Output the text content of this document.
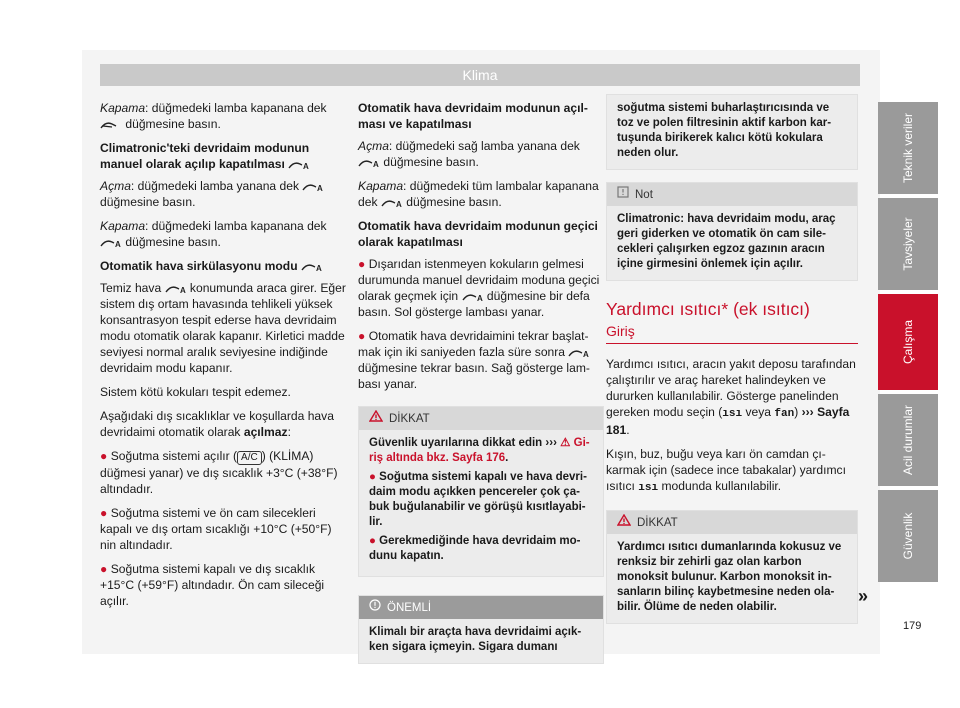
Klima
Teknik veriler
Tavsiyeler
Çalışma
Acil durumlar
Güvenlik

Kapama: düğmedeki lamba kapanana dek
düğmesine basın.

Climatronic'teki devridaim modunun manuel olarak açılıp kapatılması A

Açma: düğmedeki lamba yanana dek A
düğmesine basın.

Kapama: düğmedeki lamba kapanana dek
A düğmesine basın.

Otomatik hava sirkülasyonu modu A

Temiz hava A konumunda araca girer. Eğer sistem dış ortam havasında tehlikeli yüksek konsantrasyon tespit ederse hava devridaim modu otomatik olarak kapanır. Kirletici madde seviyesi normal aralık seviyesine indiğinde devridaim modu kapanır.

Sistem kötü kokuları tespit edemez.

Aşağıdaki dış sıcaklıklar ve koşullarda hava devridaimi otomatik olarak açılmaz:

● Soğutma sistemi açılır ( A/C ) (KLİMA) düğmesi yanar) ve dış sıcaklık +3°C (+38°F) altındadır.

● Soğutma sistemi ve ön cam silecekleri kapalı ve dış ortam sıcaklığı +10°C (+50°F) nin altındadır.

● Soğutma sistemi kapalı ve dış sıcaklık +15°C (+59°F) altındadır. Ön cam sileceği açılır.

Otomatik hava devridaim modunun açılması ve kapatılması

Açma: düğmedeki sağ lamba yanana dek
A düğmesine basın.

Kapama: düğmedeki tüm lambalar kapanana dek A düğmesine basın.

Otomatik hava devridaim modunun geçici olarak kapatılması

● Dışarıdan istenmeyen kokuların gelmesi durumunda manuel devridaim moduna geçici olarak geçmek için A düğmesine bir defa basın. Sol gösterge lambası yanar.

● Otomatik hava devridaimini tekrar başlatmak için iki saniyeden fazla süre sonra A
düğmesine tekrar basın. Sağ gösterge lambası yanar.

DİKKAT

Güvenlik uyarılarına dikkat edin ››› ⚠ Giriş altında bkz. Sayfa 176.

● Soğutma sistemi kapalı ve hava devridaim modu açıkken pencereler çok çabuk buğulanabilir ve görüşü kısıtlayabilir.

● Gerekmediğinde hava devridaim modunu kapatın.

ÖNEMLİ
Klimalı bir araçta hava devridaimi açıkken sigara içmeyin. Sigara dumanı
soğutma sistemi buharlaştırıcısında ve toz ve polen filtresinin aktif karbon kartuşunda birikerek kalıcı kötü kokulara neden olur.
Not
Climatronic: hava devridaim modu, araç geri giderken ve otomatik ön cam silecekleri çalışırken egzoz gazının aracın içine girmesini önlemek için açılır.
Yardımcı ısıtıcı* (ek ısıtıcı)
Giriş

Yardımcı ısıtıcı, aracın yakıt deposu tarafından çalıştırılır ve araç hareket halindeyken ve dururken kullanılabilir. Gösterge panelinden gereken modu seçin (ısı veya fan) ››› Sayfa 181.

Kışın, buz, buğu veya karı ön camdan çıkarmak için (sadece ince tabakalar) yardımcı ısıtıcı ısı modunda kullanılabilir.

DİKKAT
Yardımcı ısıtıcı dumanlarında kokusuz ve renksiz bir zehirli gaz olan karbon monoksit bulunur. Karbon monoksit insanların bilinç kaybetmesine neden olabilir. Ölüme de neden olabilir.
»
179
